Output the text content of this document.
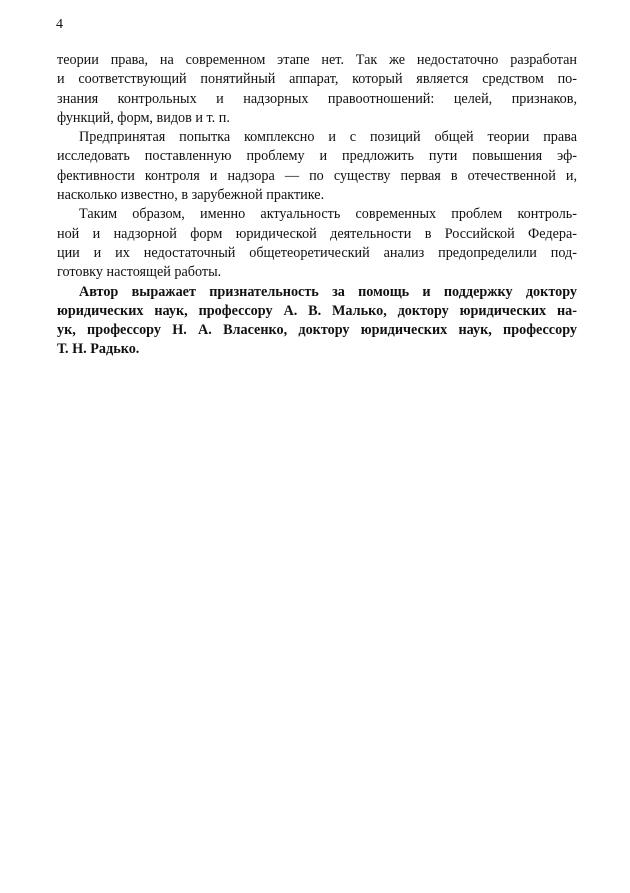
4
теории права, на современном этапе нет. Так же недостаточно разработан
и соответствующий понятийный аппарат, который является средством по-
знания контрольных и надзорных правоотношений: целей, признаков,
функций, форм, видов и т. п.
Предпринятая попытка комплексно и с позиций общей теории права
исследовать поставленную проблему и предложить пути повышения эф-
фективности контроля и надзора — по существу первая в отечественной и,
насколько известно, в зарубежной практике.
Таким образом, именно актуальность современных проблем контроль-
ной и надзорной форм юридической деятельности в Российской Федера-
ции и их недостаточный общетеоретический анализ предопределили под-
готовку настоящей работы.
Автор выражает признательность за помощь и поддержку доктору
юридических наук, профессору А. В. Малько, доктору юридических на-
ук, профессору Н. А. Власенко, доктору юридических наук, профессору
Т. Н. Радько.
